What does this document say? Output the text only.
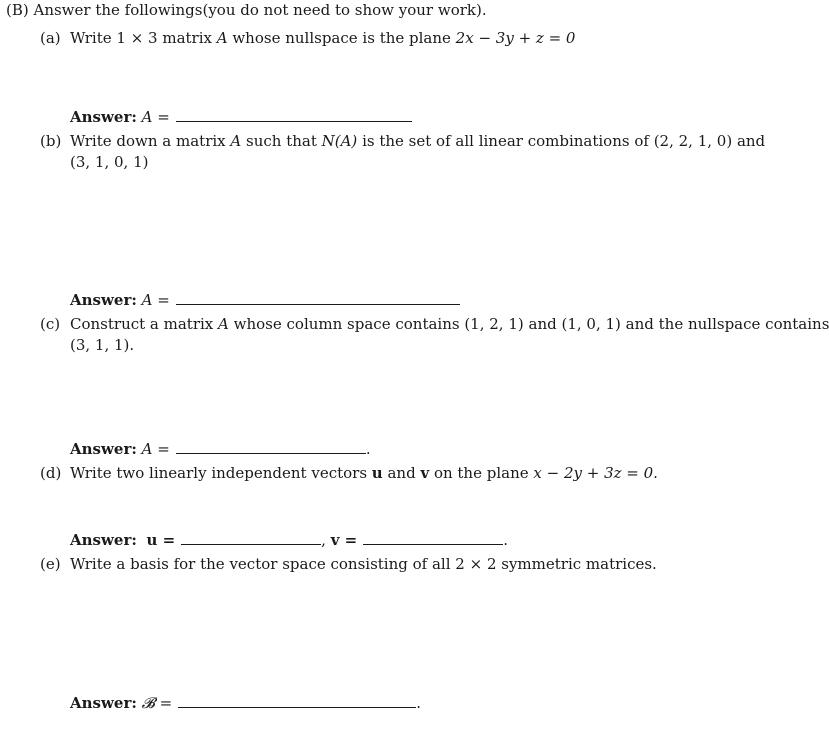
(B) Answer the followings(you do not need to show your work).
(a) Write 1 × 3 matrix A whose nullspace is the plane 2x − 3y + z = 0
Answer: A =
(b) Write down a matrix A such that N(A) is the set of all linear combinations of (2, 2, 1, 0) and
(3, 1, 0, 1)
Answer: A =
(c) Construct a matrix A whose column space contains (1, 2, 1) and (1, 0, 1) and the nullspace contains
(3, 1, 1).
Answer: A =	.
(d) Write two linearly independent vectors u and v on the plane x − 2y + 3z = 0.
Answer: u =	, v =	.
(e) Write a basis for the vector space consisting of all 2 × 2 symmetric matrices.
Answer: 𝓑 =	.
